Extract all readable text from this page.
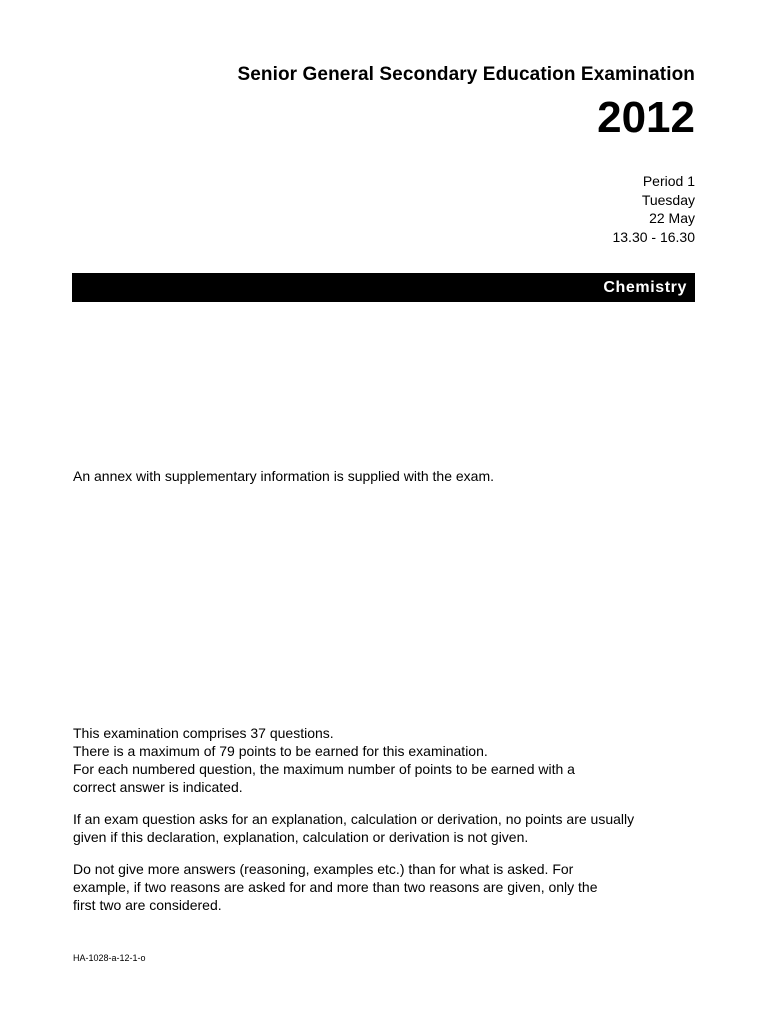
Senior General Secondary Education Examination
2012
Period 1
Tuesday
22 May
13.30 - 16.30
Chemistry
An annex with supplementary information is supplied with the exam.

This examination comprises 37 questions.
There is a maximum of 79 points to be earned for this examination.
For each numbered question, the maximum number of points to be earned with a
correct answer is indicated.

If an exam question asks for an explanation, calculation or derivation, no points are usually
given if this declaration, explanation, calculation or derivation is not given.

Do not give more answers (reasoning, examples etc.) than for what is asked. For
example, if two reasons are asked for and more than two reasons are given, only the
first two are considered.

HA-1028-a-12-1-o
